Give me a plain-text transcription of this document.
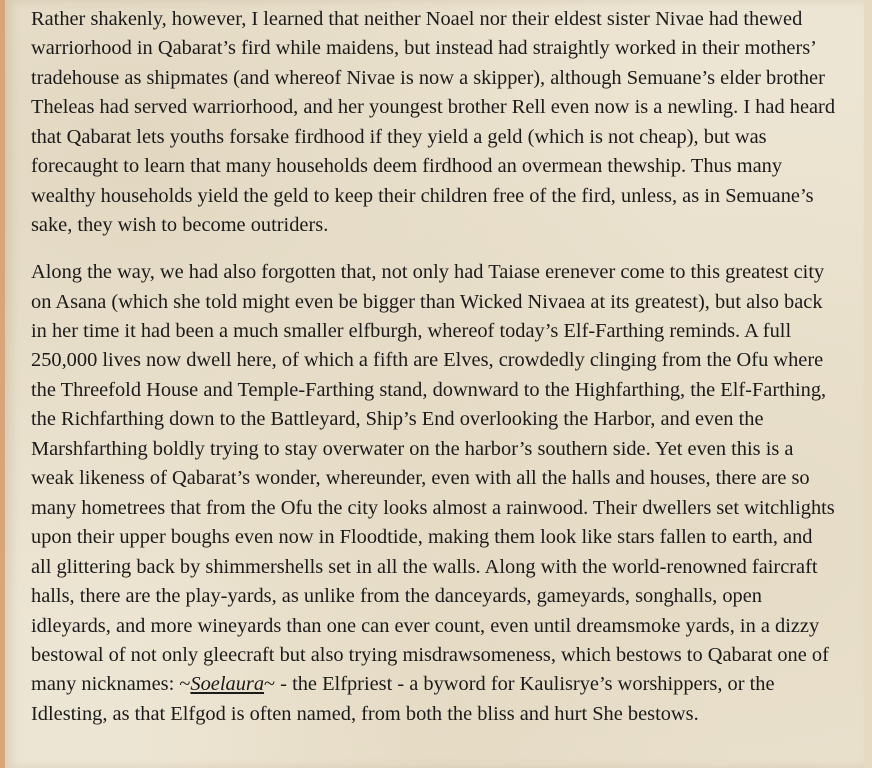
Rather shakenly, however, I learned that neither Noael nor their eldest sister Nivae had thewed warriorhood in Qabarat’s fird while maidens, but instead had straightly worked in their mothers’ tradehouse as shipmates (and whereof Nivae is now a skipper), although Semuane’s elder brother Theleas had served warriorhood, and her youngest brother Rell even now is a newling. I had heard that Qabarat lets youths forsake firdhood if they yield a geld (which is not cheap), but was forecaught to learn that many households deem firdhood an overmean thewship. Thus many wealthy households yield the geld to keep their children free of the fird, unless, as in Semuane’s sake, they wish to become outriders.

Along the way, we had also forgotten that, not only had Taiase erenever come to this greatest city on Asana (which she told might even be bigger than Wicked Nivaea at its greatest), but also back in her time it had been a much smaller elfburgh, whereof today’s Elf-Farthing reminds. A full 250,000 lives now dwell here, of which a fifth are Elves, crowdedly clinging from the Ofu where the Threefold House and Temple-Farthing stand, downward to the Highfarthing, the Elf-Farthing, the Richfarthing down to the Battleyard, Ship’s End overlooking the Harbor, and even the Marshfarthing boldly trying to stay overwater on the harbor’s southern side. Yet even this is a weak likeness of Qabarat’s wonder, whereunder, even with all the halls and houses, there are so many hometrees that from the Ofu the city looks almost a rainwood. Their dwellers set witchlights upon their upper boughs even now in Floodtide, making them look like stars fallen to earth, and all glittering back by shimmershells set in all the walls. Along with the world-renowned faircraft halls, there are the play-yards, as unlike from the danceyards, gameyards, songhalls, open idleyards, and more wineyards than one can ever count, even until dreamsmoke yards, in a dizzy bestowal of not only gleecraft but also trying misdrawsomeness, which bestows to Qabarat one of many nicknames: ~Soelaura~ - the Elfpriest - a byword for Kaulisrye’s worshippers, or the Idlesting, as that Elfgod is often named, from both the bliss and hurt She bestows.
